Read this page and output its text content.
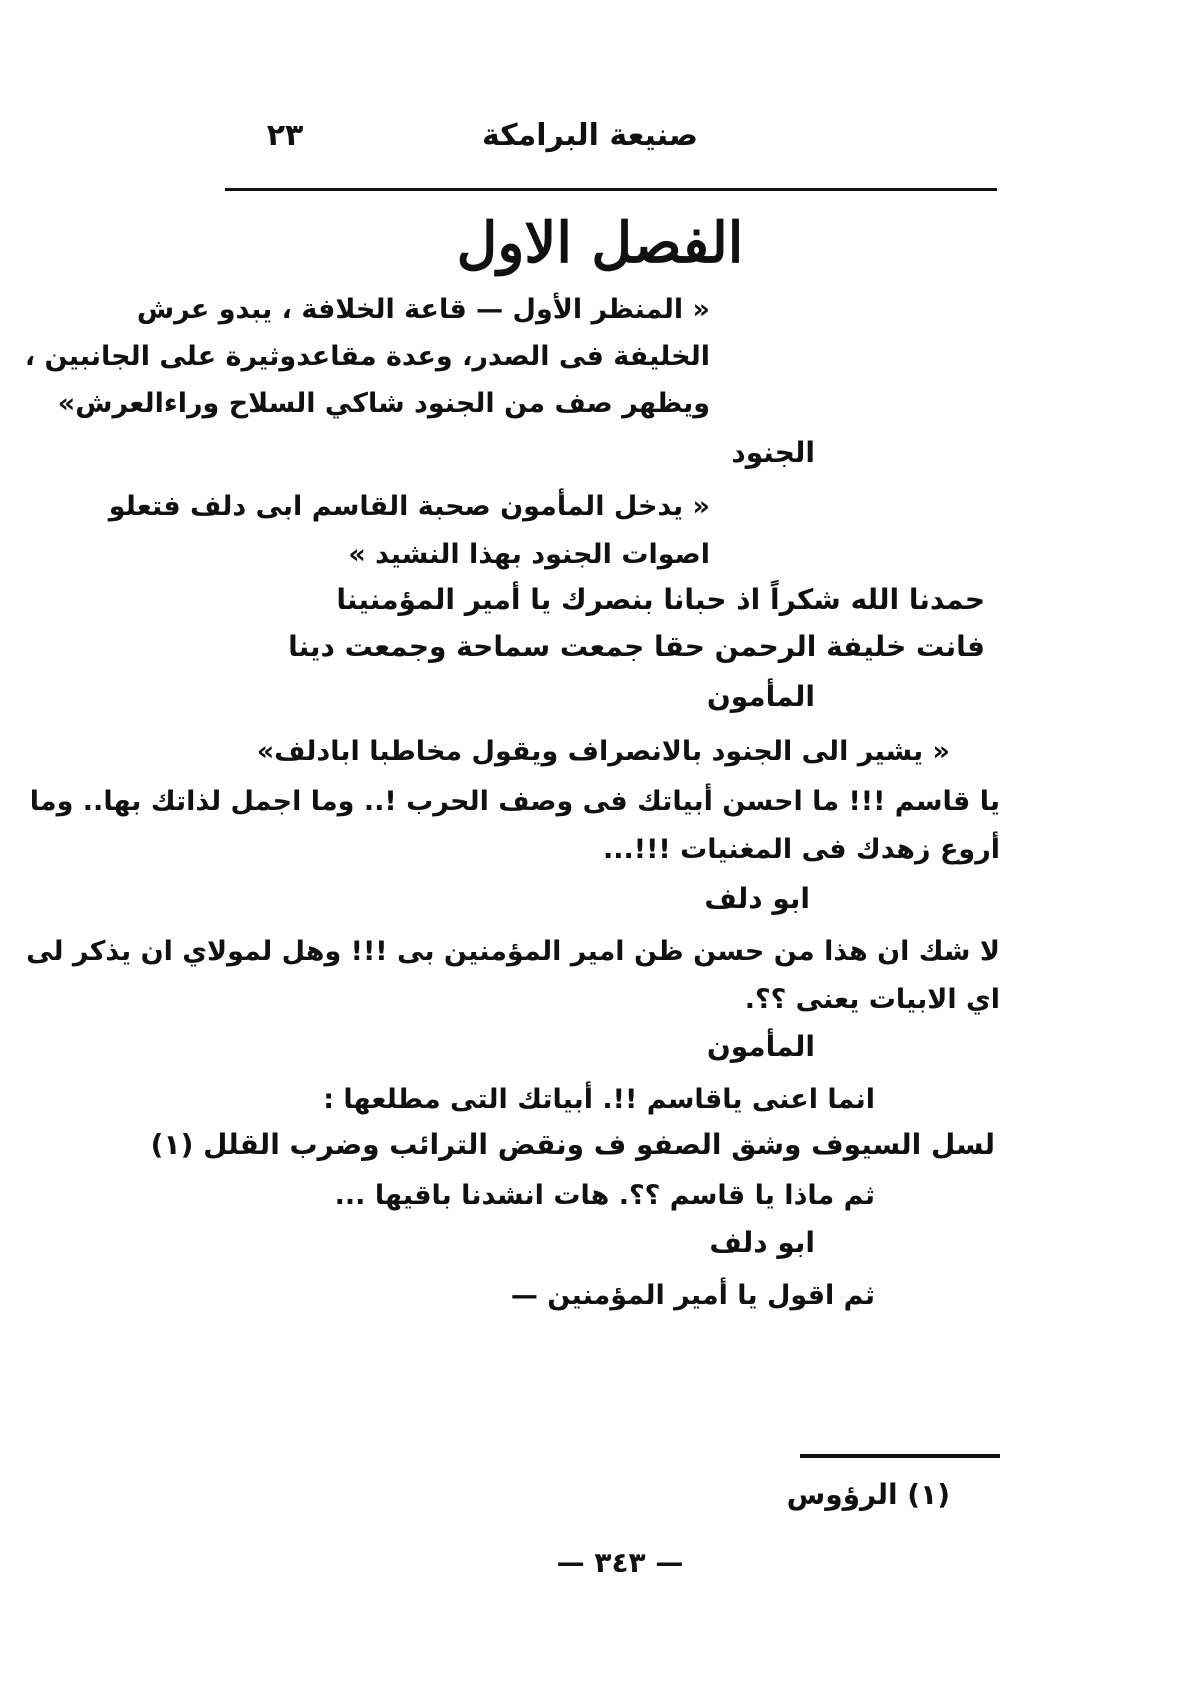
صنيعة البرامكة
٢٣
الفصل الاول
« المنظر الأول — قاعة الخلافة ، يبدو عرش
الخليفة فى الصدر، وعدة مقاعدوثيرة على الجانبين ،
ويظهر صف من الجنود شاكي السلاح وراءالعرش»
الجنود
« يدخل المأمون صحبة القاسم ابى دلف فتعلو
اصوات الجنود بهذا النشيد »
حمدنا الله شكراً اذ حبانا بنصرك يا أمير المؤمنينا
فانت خليفة الرحمن حقا جمعت سماحة وجمعت دينا
المأمون
« يشير الى الجنود بالانصراف ويقول مخاطبا ابادلف»
يا قاسم !!! ما احسن أبياتك فى وصف الحرب !.. وما اجمل لذاتك بها.. وما
أروع زهدك فى المغنيات !!!...
ابو دلف
لا شك ان هذا من حسن ظن امير المؤمنين بى !!! وهل لمولاي ان يذكر لى
اي الابيات يعنى ؟؟.
المأمون
انما اعنى ياقاسم !!. أبياتك التى مطلعها :
لسل السيوف وشق الصفو ف ونقض الترائب وضرب القلل (١)
ثم ماذا يا قاسم ؟؟. هات انشدنا باقيها ...
ابو دلف
ثم اقول يا أمير المؤمنين —
(١) الرؤوس
— ٣٤٣ —
